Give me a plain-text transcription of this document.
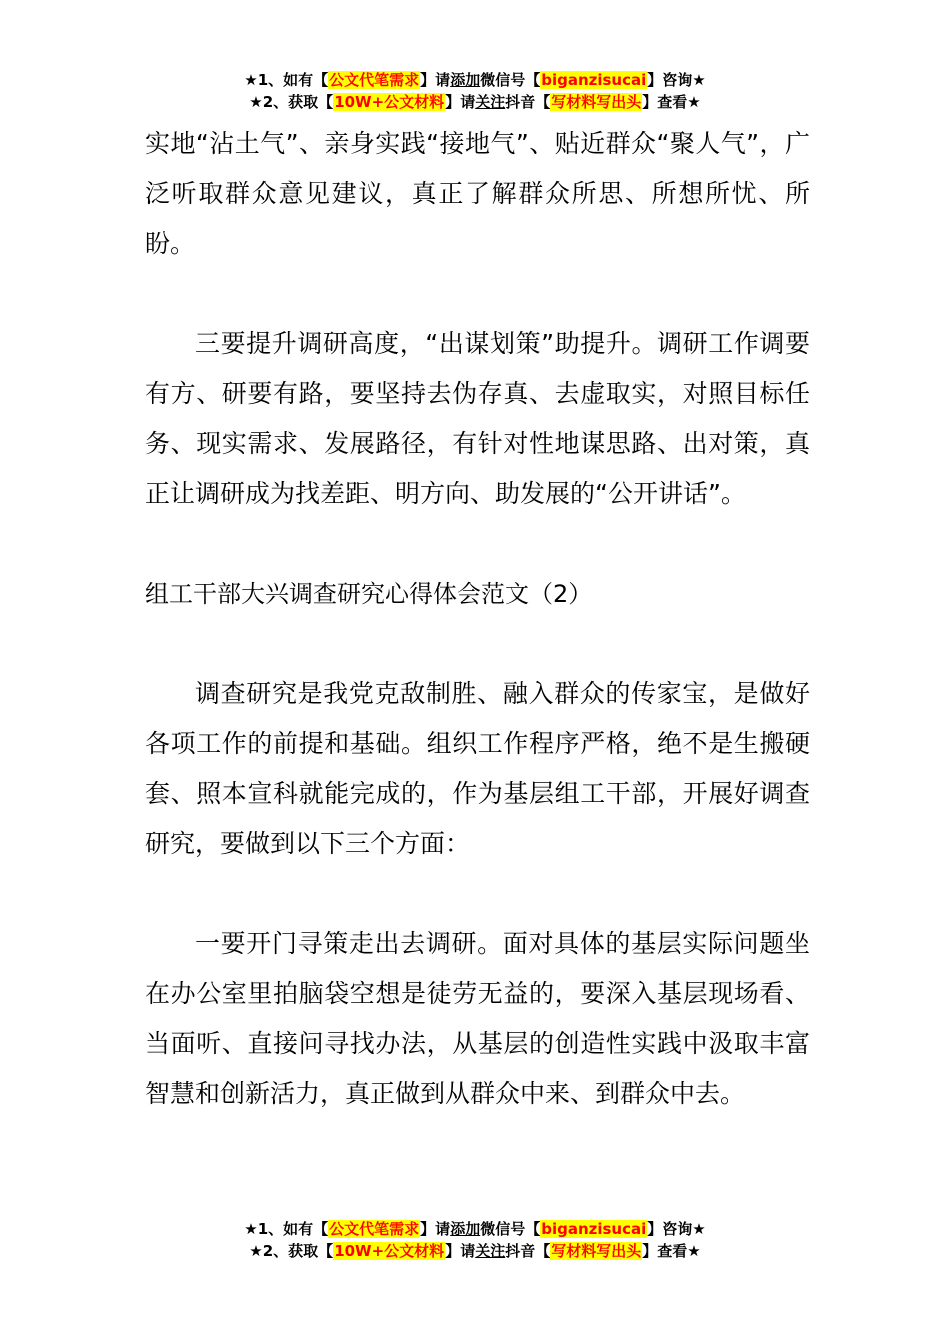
★1、如有【公文代笔需求】请添加微信号【biganzisucai】咨询★
★2、获取【10W+公文材料】请关注抖音【写材料写出头】查看★

实地“沾土气”、亲身实践“接地气”、贴近群众“聚人气”，广泛听取群众意见建议，真正了解群众所思、所想所忧、所盼。

三要提升调研高度，“出谋划策”助提升。调研工作调要有方、研要有路，要坚持去伪存真、去虚取实，对照目标任务、现实需求、发展路径，有针对性地谋思路、出对策，真正让调研成为找差距、明方向、助发展的“公开讲话”。

组工干部大兴调查研究心得体会范文（2）

调查研究是我党克敌制胜、融入群众的传家宝，是做好各项工作的前提和基础。组织工作程序严格，绝不是生搬硬套、照本宣科就能完成的，作为基层组工干部，开展好调查研究，要做到以下三个方面：

一要开门寻策走出去调研。面对具体的基层实际问题坐在办公室里拍脑袋空想是徒劳无益的，要深入基层现场看、当面听、直接问寻找办法，从基层的创造性实践中汲取丰富智慧和创新活力，真正做到从群众中来、到群众中去。

★1、如有【公文代笔需求】请添加微信号【biganzisucai】咨询★
★2、获取【10W+公文材料】请关注抖音【写材料写出头】查看★
